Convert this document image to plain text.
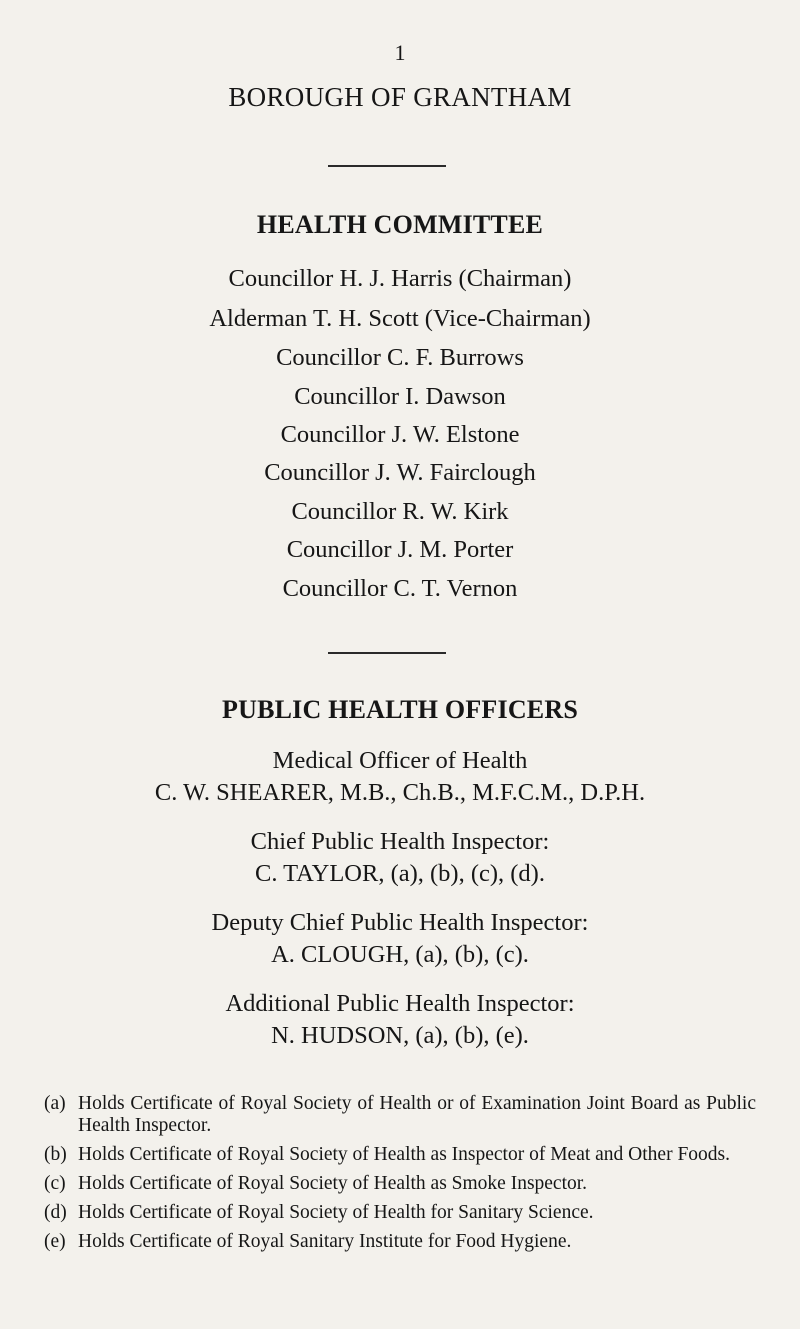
1
BOROUGH OF GRANTHAM
HEALTH COMMITTEE
Councillor H. J. Harris (Chairman)
Alderman T. H. Scott (Vice-Chairman)
Councillor C. F. Burrows
Councillor I. Dawson
Councillor J. W. Elstone
Councillor J. W. Fairclough
Councillor R. W. Kirk
Councillor J. M. Porter
Councillor C. T. Vernon
PUBLIC HEALTH OFFICERS
Medical Officer of Health
C. W. SHEARER, M.B., Ch.B., M.F.C.M., D.P.H.
Chief Public Health Inspector:
C. TAYLOR, (a), (b), (c), (d).
Deputy Chief Public Health Inspector:
A. CLOUGH, (a), (b), (c).
Additional Public Health Inspector:
N. HUDSON, (a), (b), (e).
(a) Holds Certificate of Royal Society of Health or of Examination Joint Board as Public Health Inspector.
(b) Holds Certificate of Royal Society of Health as Inspector of Meat and Other Foods.
(c) Holds Certificate of Royal Society of Health as Smoke Inspector.
(d) Holds Certificate of Royal Society of Health for Sanitary Science.
(e) Holds Certificate of Royal Sanitary Institute for Food Hygiene.
